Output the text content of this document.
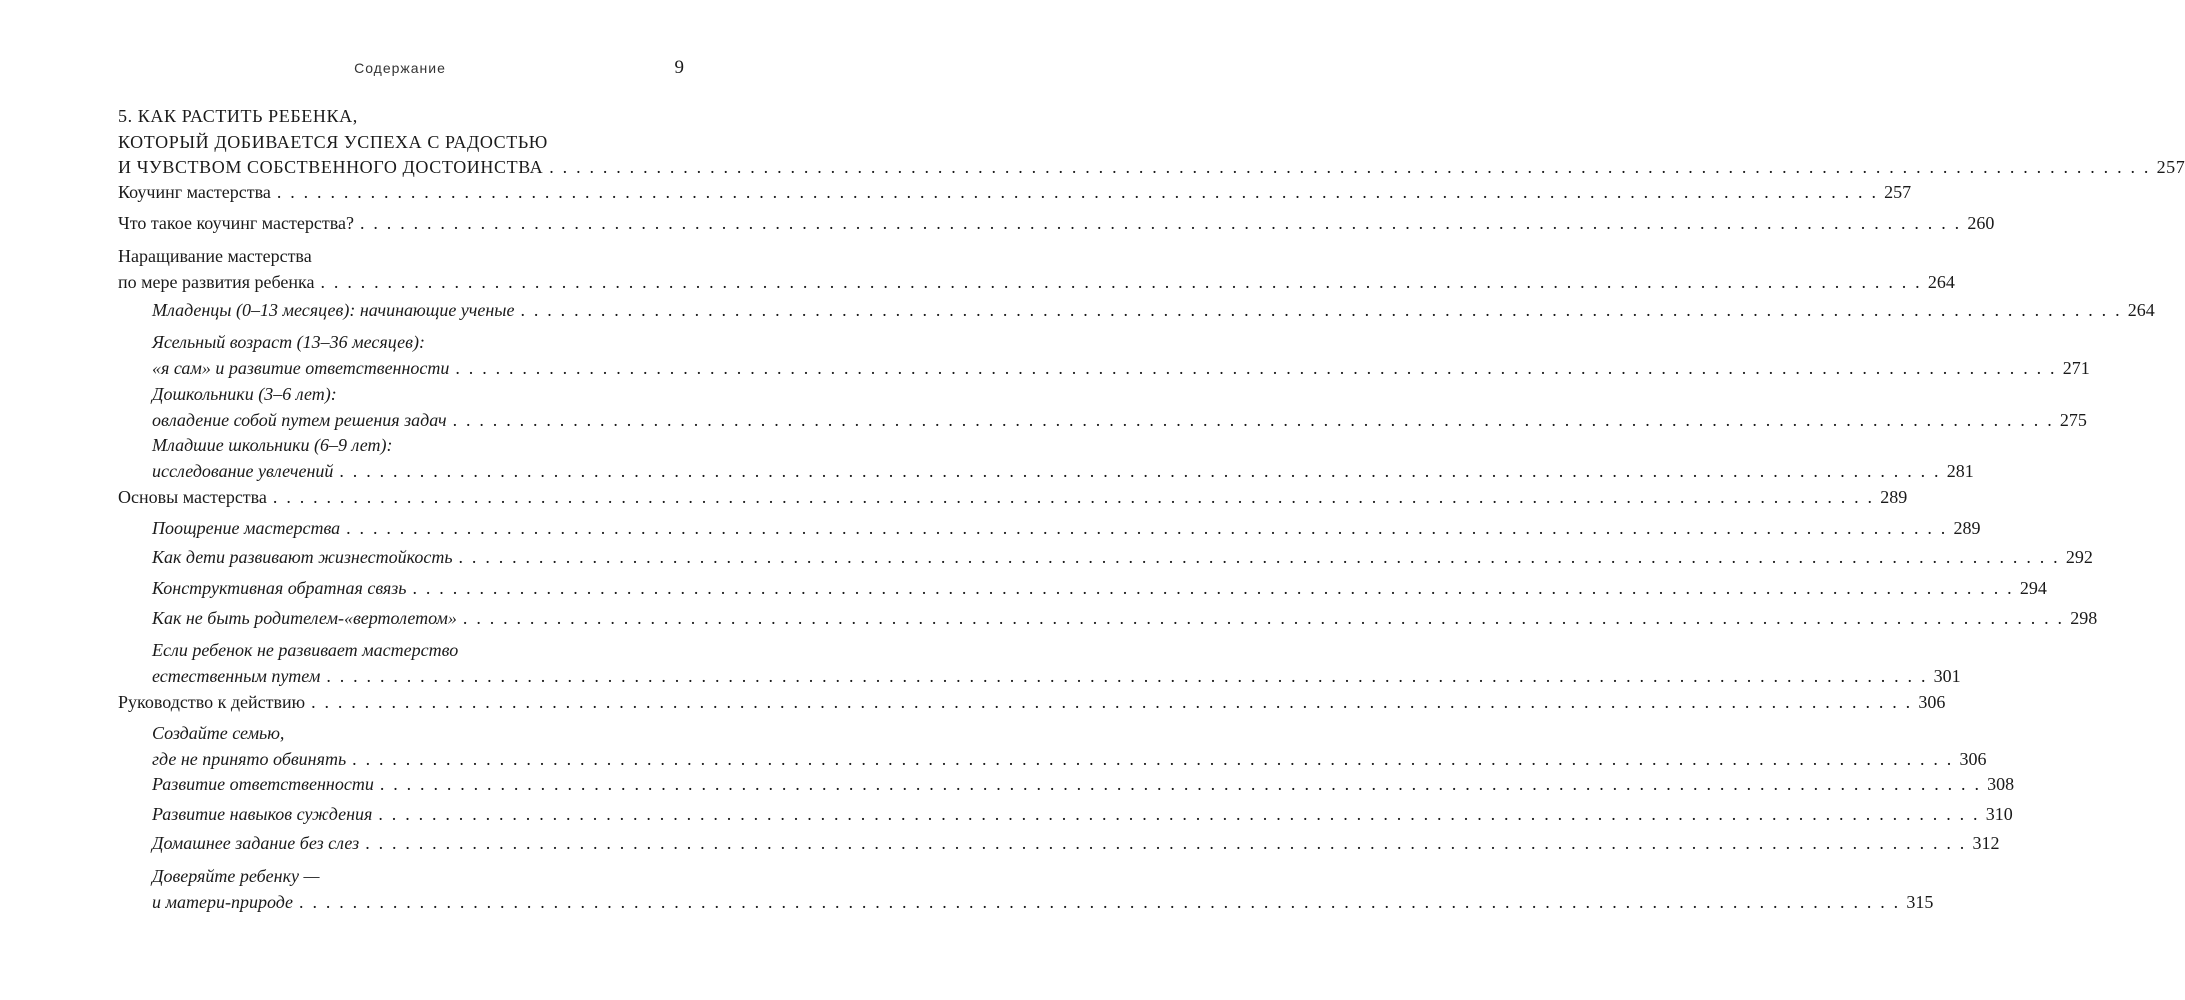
Содержание	9
5. КАК РАСТИТЬ РЕБЕНКА,
КОТОРЫЙ ДОБИВАЕТСЯ УСПЕХА С РАДОСТЬЮ
И ЧУВСТВОМ СОБСТВЕННОГО ДОСТОИНСТВА . . . . . . . . . . . . . . . . . . . . . . . . . . . . . . . . . . . . . . . . . . . . . . . . . . . . . . . . . . . . . . . . . . . . . . . . . . . . . . . . . . . . . . . . . . . . . . . . . . . . . . . . . . . . . . . . . . . . . . . . 257
Коучинг мастерства . . . . . . . . . . . . . . . . . . . . . . . . . . . . . . . . . . . . . . . . . . . . . . . . . . . . . . . . . . . . . . . . . . . . . . . . . . . . . . . . . . . . . . . . . . . . . . . . . . . . . . . . . . . . . . . . . . . . . . . . 257
Что такое коучинг мастерства? . . . . . . . . . . . . . . . . . . . . . . . . . . . . . . . . . . . . . . . . . . . . . . . . . . . . . . . . . . . . . . . . . . . . . . . . . . . . . . . . . . . . . . . . . . . . . . . . . . . . . . . . . . . . . . . . . . . . . . . . 260
Наращивание мастерства
по мере развития ребенка . . . . . . . . . . . . . . . . . . . . . . . . . . . . . . . . . . . . . . . . . . . . . . . . . . . . . . . . . . . . . . . . . . . . . . . . . . . . . . . . . . . . . . . . . . . . . . . . . . . . . . . . . . . . . . . . . . . . . . . . 264
Младенцы (0–13 месяцев): начинающие ученые . . . . . . . . . . . . . . . . . . . . . . . . . . . . . . . . . . . . . . . . . . . . . . . . . . . . . . . . . . . . . . . . . . . . . . . . . . . . . . . . . . . . . . . . . . . . . . . . . . . . . . . . . . . . . . . . . . . . . . . . 264
Ясельный возраст (13–36 месяцев):
«я сам» и развитие ответственности . . . . . . . . . . . . . . . . . . . . . . . . . . . . . . . . . . . . . . . . . . . . . . . . . . . . . . . . . . . . . . . . . . . . . . . . . . . . . . . . . . . . . . . . . . . . . . . . . . . . . . . . . . . . . . . . . . . . . . . . 271
Дошкольники (3–6 лет):
овладение собой путем решения задач . . . . . . . . . . . . . . . . . . . . . . . . . . . . . . . . . . . . . . . . . . . . . . . . . . . . . . . . . . . . . . . . . . . . . . . . . . . . . . . . . . . . . . . . . . . . . . . . . . . . . . . . . . . . . . . . . . . . . . . . 275
Младшие школьники (6–9 лет):
исследование увлечений . . . . . . . . . . . . . . . . . . . . . . . . . . . . . . . . . . . . . . . . . . . . . . . . . . . . . . . . . . . . . . . . . . . . . . . . . . . . . . . . . . . . . . . . . . . . . . . . . . . . . . . . . . . . . . . . . . . . . . . . 281
Основы мастерства . . . . . . . . . . . . . . . . . . . . . . . . . . . . . . . . . . . . . . . . . . . . . . . . . . . . . . . . . . . . . . . . . . . . . . . . . . . . . . . . . . . . . . . . . . . . . . . . . . . . . . . . . . . . . . . . . . . . . . . . 289
Поощрение мастерства . . . . . . . . . . . . . . . . . . . . . . . . . . . . . . . . . . . . . . . . . . . . . . . . . . . . . . . . . . . . . . . . . . . . . . . . . . . . . . . . . . . . . . . . . . . . . . . . . . . . . . . . . . . . . . . . . . . . . . . . 289
Как дети развивают жизнестойкость . . . . . . . . . . . . . . . . . . . . . . . . . . . . . . . . . . . . . . . . . . . . . . . . . . . . . . . . . . . . . . . . . . . . . . . . . . . . . . . . . . . . . . . . . . . . . . . . . . . . . . . . . . . . . . . . . . . . . . . . 292
Конструктивная обратная связь . . . . . . . . . . . . . . . . . . . . . . . . . . . . . . . . . . . . . . . . . . . . . . . . . . . . . . . . . . . . . . . . . . . . . . . . . . . . . . . . . . . . . . . . . . . . . . . . . . . . . . . . . . . . . . . . . . . . . . . . 294
Как не быть родителем-«вертолетом» . . . . . . . . . . . . . . . . . . . . . . . . . . . . . . . . . . . . . . . . . . . . . . . . . . . . . . . . . . . . . . . . . . . . . . . . . . . . . . . . . . . . . . . . . . . . . . . . . . . . . . . . . . . . . . . . . . . . . . . . 298
Если ребенок не развивает мастерство
естественным путем . . . . . . . . . . . . . . . . . . . . . . . . . . . . . . . . . . . . . . . . . . . . . . . . . . . . . . . . . . . . . . . . . . . . . . . . . . . . . . . . . . . . . . . . . . . . . . . . . . . . . . . . . . . . . . . . . . . . . . . . 301
Руководство к действию . . . . . . . . . . . . . . . . . . . . . . . . . . . . . . . . . . . . . . . . . . . . . . . . . . . . . . . . . . . . . . . . . . . . . . . . . . . . . . . . . . . . . . . . . . . . . . . . . . . . . . . . . . . . . . . . . . . . . . . . 306
Создайте семью,
где не принято обвинять . . . . . . . . . . . . . . . . . . . . . . . . . . . . . . . . . . . . . . . . . . . . . . . . . . . . . . . . . . . . . . . . . . . . . . . . . . . . . . . . . . . . . . . . . . . . . . . . . . . . . . . . . . . . . . . . . . . . . . . . 306
Развитие ответственности . . . . . . . . . . . . . . . . . . . . . . . . . . . . . . . . . . . . . . . . . . . . . . . . . . . . . . . . . . . . . . . . . . . . . . . . . . . . . . . . . . . . . . . . . . . . . . . . . . . . . . . . . . . . . . . . . . . . . . . . 308
Развитие навыков суждения . . . . . . . . . . . . . . . . . . . . . . . . . . . . . . . . . . . . . . . . . . . . . . . . . . . . . . . . . . . . . . . . . . . . . . . . . . . . . . . . . . . . . . . . . . . . . . . . . . . . . . . . . . . . . . . . . . . . . . . . 310
Домашнее задание без слез . . . . . . . . . . . . . . . . . . . . . . . . . . . . . . . . . . . . . . . . . . . . . . . . . . . . . . . . . . . . . . . . . . . . . . . . . . . . . . . . . . . . . . . . . . . . . . . . . . . . . . . . . . . . . . . . . . . . . . . . 312
Доверяйте ребенку —
и матери-природе . . . . . . . . . . . . . . . . . . . . . . . . . . . . . . . . . . . . . . . . . . . . . . . . . . . . . . . . . . . . . . . . . . . . . . . . . . . . . . . . . . . . . . . . . . . . . . . . . . . . . . . . . . . . . . . . . . . . . . . . 315
